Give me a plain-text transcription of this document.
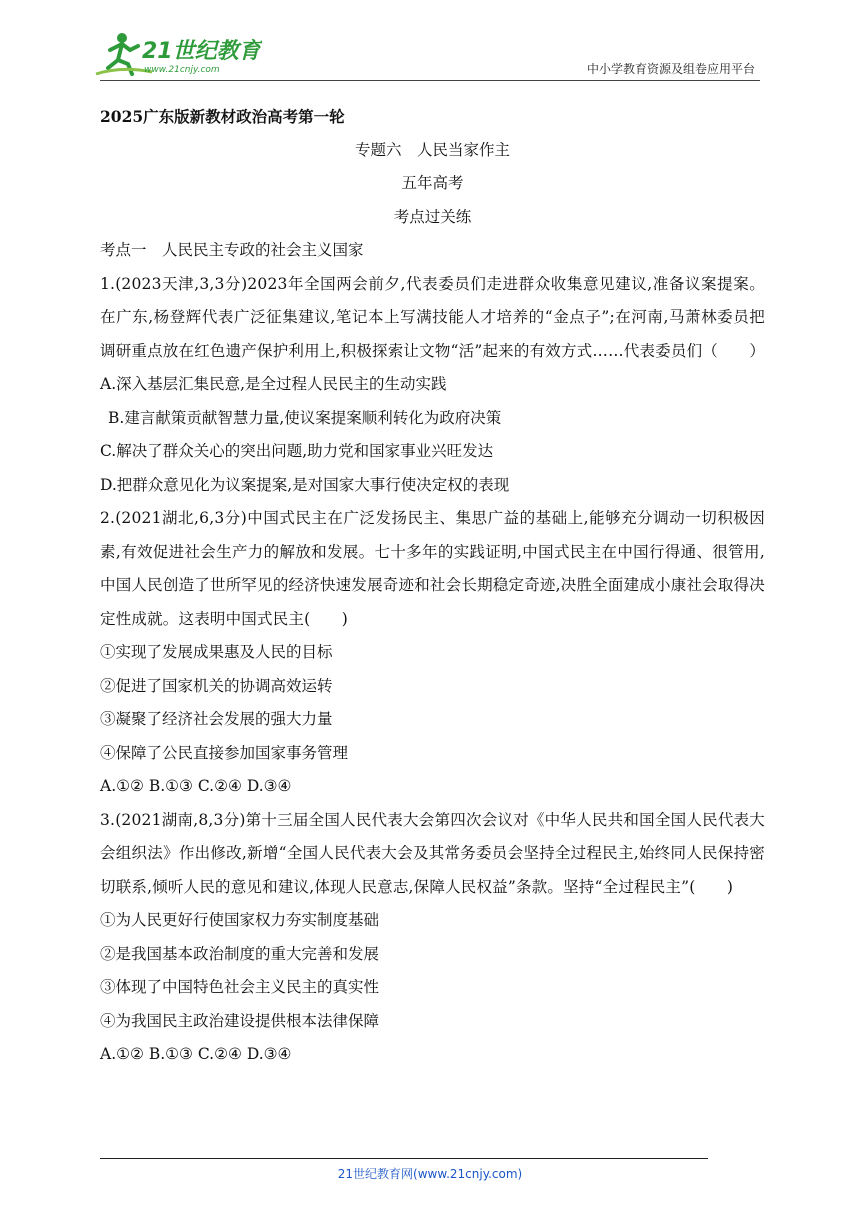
21世纪教育
www.21cnjy.com	中小学教育资源及组卷应用平台
2025广东版新教材政治高考第一轮
专题六　人民当家作主
五年高考
考点过关练
考点一　人民民主专政的社会主义国家
1.(2023天津,3,3分)2023年全国两会前夕,代表委员们走进群众收集意见建议,准备议案提案。在广东,杨登辉代表广泛征集建议,笔记本上写满技能人才培养的“金点子”;在河南,马萧林委员把调研重点放在红色遗产保护利用上,积极探索让文物“活”起来的有效方式……代表委员们（　　）
A.深入基层汇集民意,是全过程人民民主的生动实践
B.建言献策贡献智慧力量,使议案提案顺利转化为政府决策
C.解决了群众关心的突出问题,助力党和国家事业兴旺发达
D.把群众意见化为议案提案,是对国家大事行使决定权的表现
2.(2021湖北,6,3分)中国式民主在广泛发扬民主、集思广益的基础上,能够充分调动一切积极因素,有效促进社会生产力的解放和发展。七十多年的实践证明,中国式民主在中国行得通、很管用,中国人民创造了世所罕见的经济快速发展奇迹和社会长期稳定奇迹,决胜全面建成小康社会取得决定性成就。这表明中国式民主(　　)
①实现了发展成果惠及人民的目标
②促进了国家机关的协调高效运转
③凝聚了经济社会发展的强大力量
④保障了公民直接参加国家事务管理
A.①② B.①③ C.②④ D.③④
3.(2021湖南,8,3分)第十三届全国人民代表大会第四次会议对《中华人民共和国全国人民代表大会组织法》作出修改,新增“全国人民代表大会及其常务委员会坚持全过程民主,始终同人民保持密切联系,倾听人民的意见和建议,体现人民意志,保障人民权益”条款。坚持“全过程民主”(　　)
①为人民更好行使国家权力夯实制度基础
②是我国基本政治制度的重大完善和发展
③体现了中国特色社会主义民主的真实性
④为我国民主政治建设提供根本法律保障
A.①② B.①③ C.②④ D.③④
21世纪教育网(www.21cnjy.com)
